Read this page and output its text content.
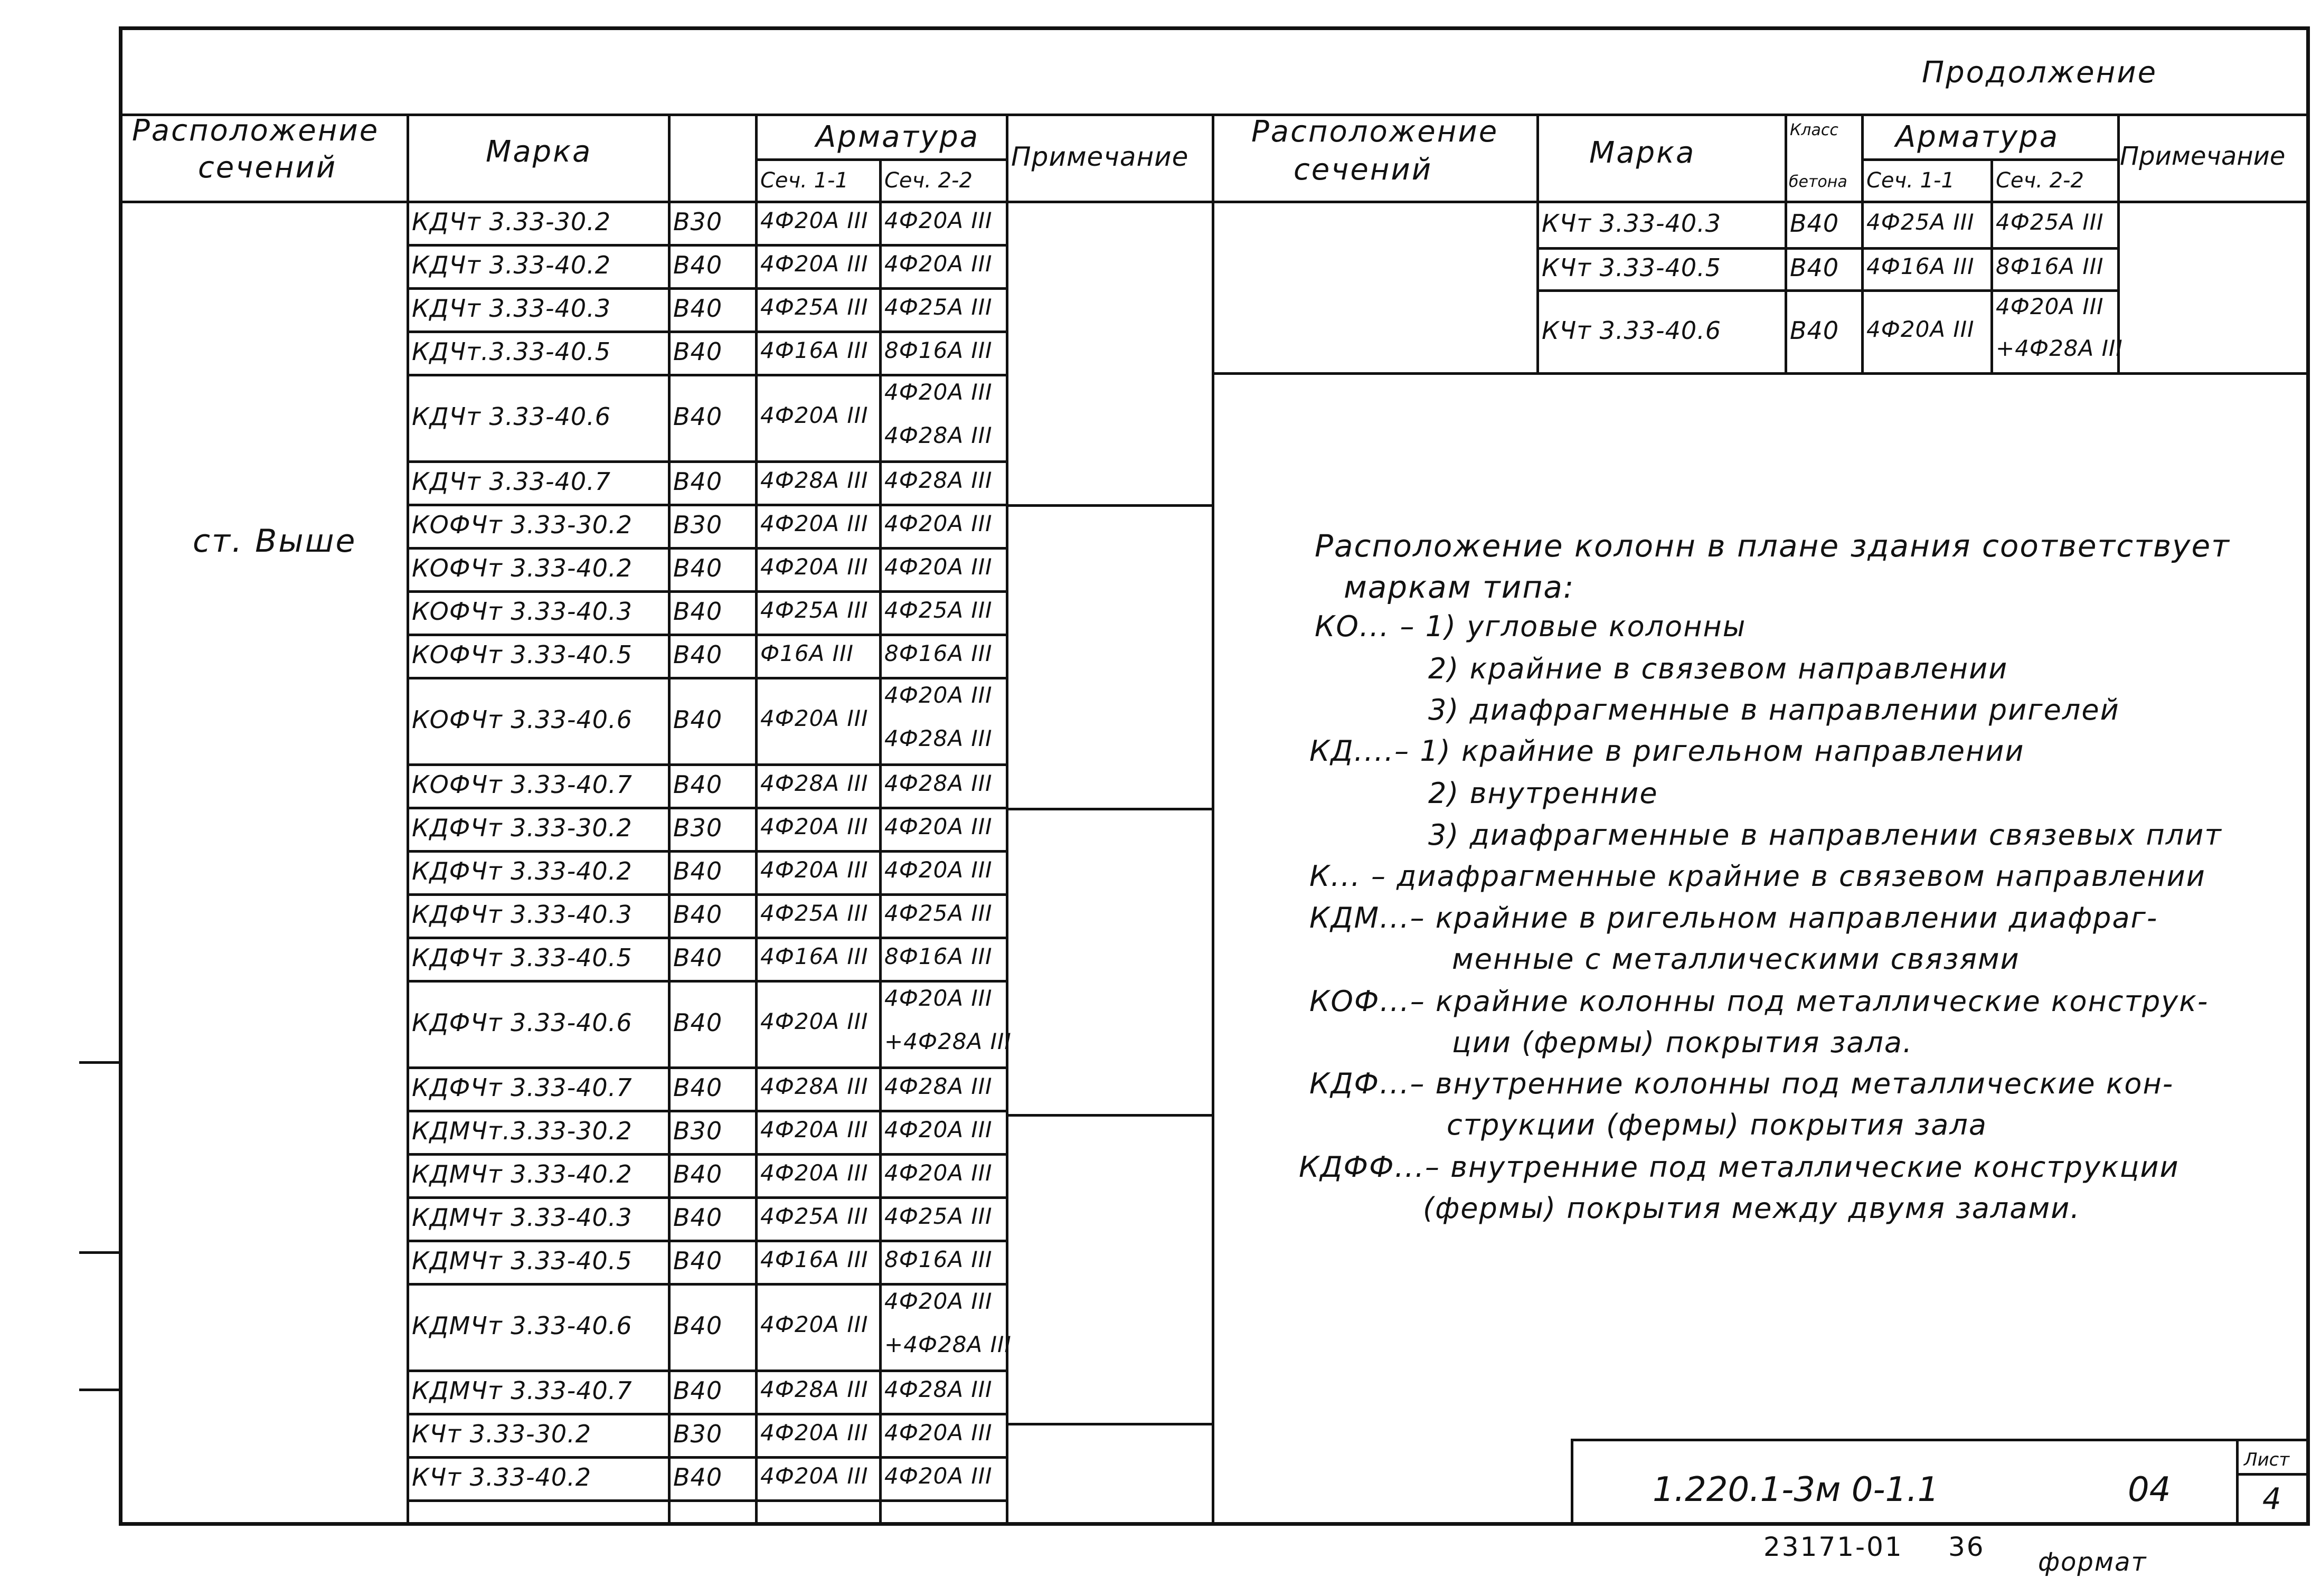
Продолжение
Расположение
сечений	Марка	Арматура
Сеч. 1-1 Сеч. 2-2
Примечание
Расположение
сечений	Марка
Класс
бетона
Арматура
Сеч. 1-1 Сеч. 2-2
Примечание
ст. Выше
КДЧт 3.33-30.2	В30 4Ф20А III 4Ф20А III
КДЧт 3.33-40.2	В40 4Ф20А III 4Ф20А III
КДЧт 3.33-40.3	В40 4Ф25А III 4Ф25А III
КДЧт.3.33-40.5	В40 4Ф16А III 8Ф16А III
КДЧт 3.33-40.6	В40 4Ф20А III
4Ф20А III
4Ф28А III
КДЧт 3.33-40.7	В40 4Ф28А III 4Ф28А III
КОФЧт 3.33-30.2 В30 4Ф20А III 4Ф20А III
КОФЧт 3.33-40.2 В40 4Ф20А III 4Ф20А III
КОФЧт 3.33-40.3 В40 4Ф25А III 4Ф25А III
КОФЧт 3.33-40.5 В40 Ф16А III 8Ф16А III
КОФЧт 3.33-40.6 В40 4Ф20А III
4Ф20А III
4Ф28А III
КОФЧт 3.33-40.7 В40 4Ф28А III 4Ф28А III
КДФЧт 3.33-30.2 В30 4Ф20А III 4Ф20А III
КДФЧт 3.33-40.2 В40 4Ф20А III 4Ф20А III
КДФЧт 3.33-40.3 В40 4Ф25А III 4Ф25А III
КДФЧт 3.33-40.5 В40 4Ф16А III 8Ф16А III
КДФЧт 3.33-40.6 В40 4Ф20А III
4Ф20А III
+4Ф28А III
КДФЧт 3.33-40.7 В40 4Ф28А III 4Ф28А III
КДМЧт.3.33-30.2 В30 4Ф20А III 4Ф20А III
КДМЧт 3.33-40.2 В40 4Ф20А III 4Ф20А III
КДМЧт 3.33-40.3 В40 4Ф25А III 4Ф25А III
КДМЧт 3.33-40.5 В40 4Ф16А III 8Ф16А III
КДМЧт 3.33-40.6 В40 4Ф20А III
4Ф20А III
+4Ф28А III
КДМЧт 3.33-40.7 В40 4Ф28А III 4Ф28А III
КЧт 3.33-30.2	В30 4Ф20А III 4Ф20А III
КЧт 3.33-40.2	В40 4Ф20А III 4Ф20А III
КЧт 3.33-40.3	В40 4Ф25А III 4Ф25А III
КЧт 3.33-40.5	В40 4Ф16А III 8Ф16А III
КЧт 3.33-40.6	В40 4Ф20А III
4Ф20А III
+4Ф28А III
Расположение колонн в плане здания соответствует
маркам типа:
КО... – 1) угловые колонны
2) крайние в связевом направлении
3) диафрагменные в направлении ригелей
КД....– 1) крайние в ригельном направлении
2) внутренние
3) диафрагменные в направлении связевых плит
К... – диафрагменные крайние в связевом направлении
КДМ...– крайние в ригельном направлении диафраг-
менные с металлическими связями
КОФ...– крайние колонны под металлические конструк-
ции (фермы) покрытия зала.
КДФ...– внутренние колонны под металлические кон-
струкции (фермы) покрытия зала
КДФФ...– внутренние под металлические конструкции
(фермы) покрытия между двумя залами.
1.220.1-3м 0-1.1	04
Лист
4
23171-01 36 формат
